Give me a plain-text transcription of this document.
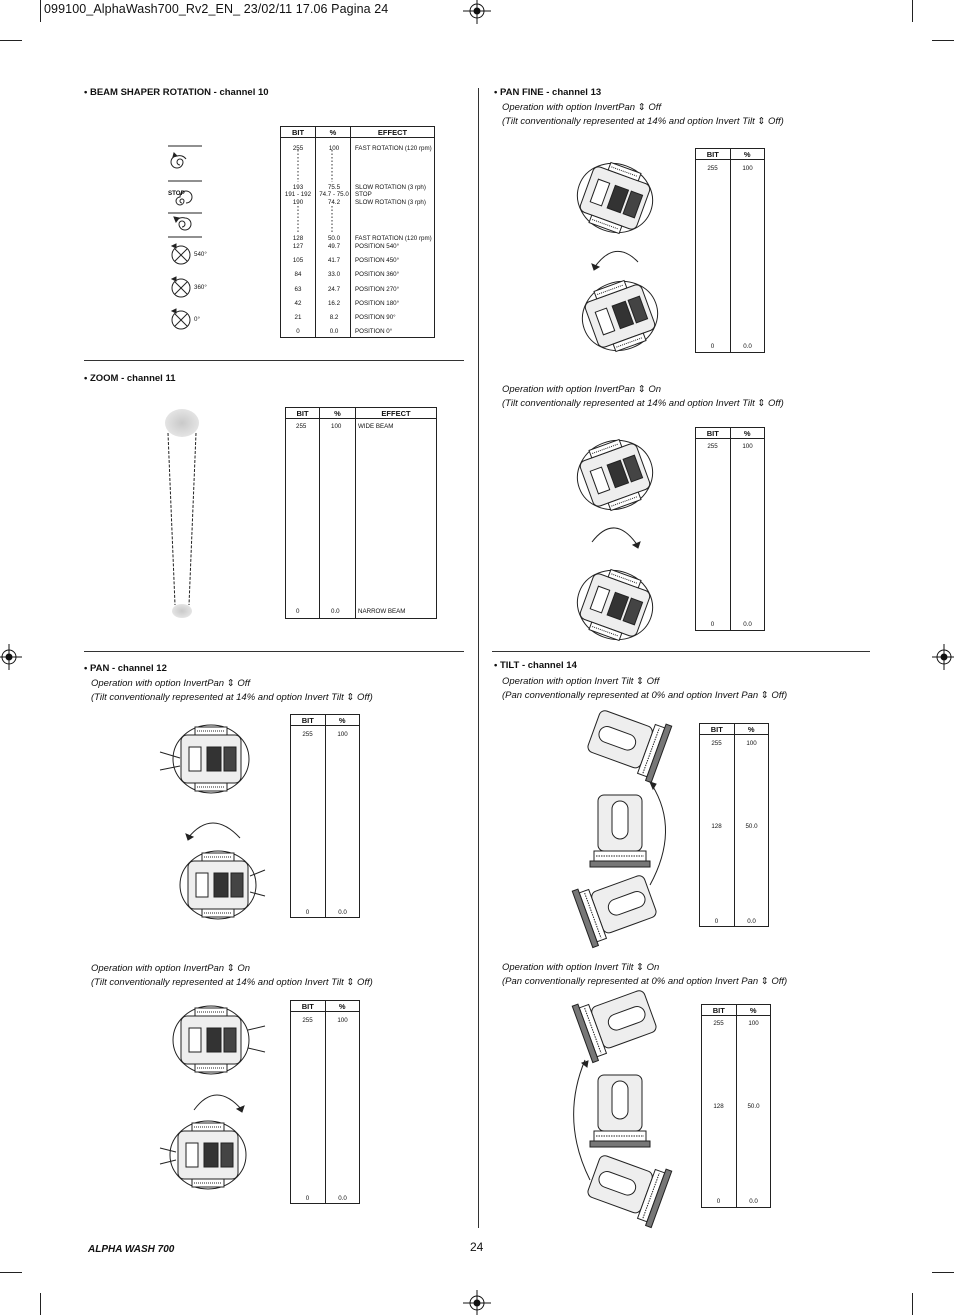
099100_AlphaWash700_Rv2_EN_ 23/02/11 17.06 Pagina 24
• BEAM SHAPER ROTATION - channel 10
STOP
540°
360°
0°
BIT	%	EFFECT

255	100	FAST ROTATION (120 rpm)
193	75.5	SLOW ROTATION (3 rph)
191 - 192	74.7 - 75.0	STOP
190	74.2	SLOW ROTATION (3 rph)
128	50.0	FAST ROTATION (120 rpm)
127	49.7	POSITION 540°
105	41.7	POSITION 450°
84	33.0	POSITION 360°
63	24.7	POSITION 270°
42	16.2	POSITION 180°
21	8.2	POSITION 90°
0	0.0	POSITION 0°
• ZOOM - channel 11
BIT	%	EFFECT

255	100	WIDE BEAM
0	0.0	NARROW BEAM
• PAN - channel 12
Operation with option InvertPan ⇕ Off
(Tilt conventionally represented at 14% and option Invert Tilt ⇕ Off)
Operation with option InvertPan ⇕ On
(Tilt conventionally represented at 14% and option Invert Tilt ⇕ Off)
• PAN FINE - channel 13
Operation with option InvertPan ⇕ Off
(Tilt conventionally represented at 14% and option Invert Tilt ⇕ Off)
Operation with option InvertPan ⇕ On
(Tilt conventionally represented at 14% and option Invert Tilt ⇕ Off)
• TILT - channel 14
Operation with option Invert Tilt ⇕ Off
(Pan conventionally represented at 0% and option Invert Pan ⇕ Off)
Operation with option Invert Tilt ⇕ On
(Pan conventionally represented at 0% and option Invert Pan ⇕ Off)
BIT	%

255	100
0	0.0
BIT	%

255	100
0	0.0
BIT	%

255	100
0	0.0
BIT	%

255	100
0	0.0
BIT	%

255	100
128	50.0
0	0.0
BIT	%

255	100
128	50.0
0	0.0
ALPHA WASH 700	24
